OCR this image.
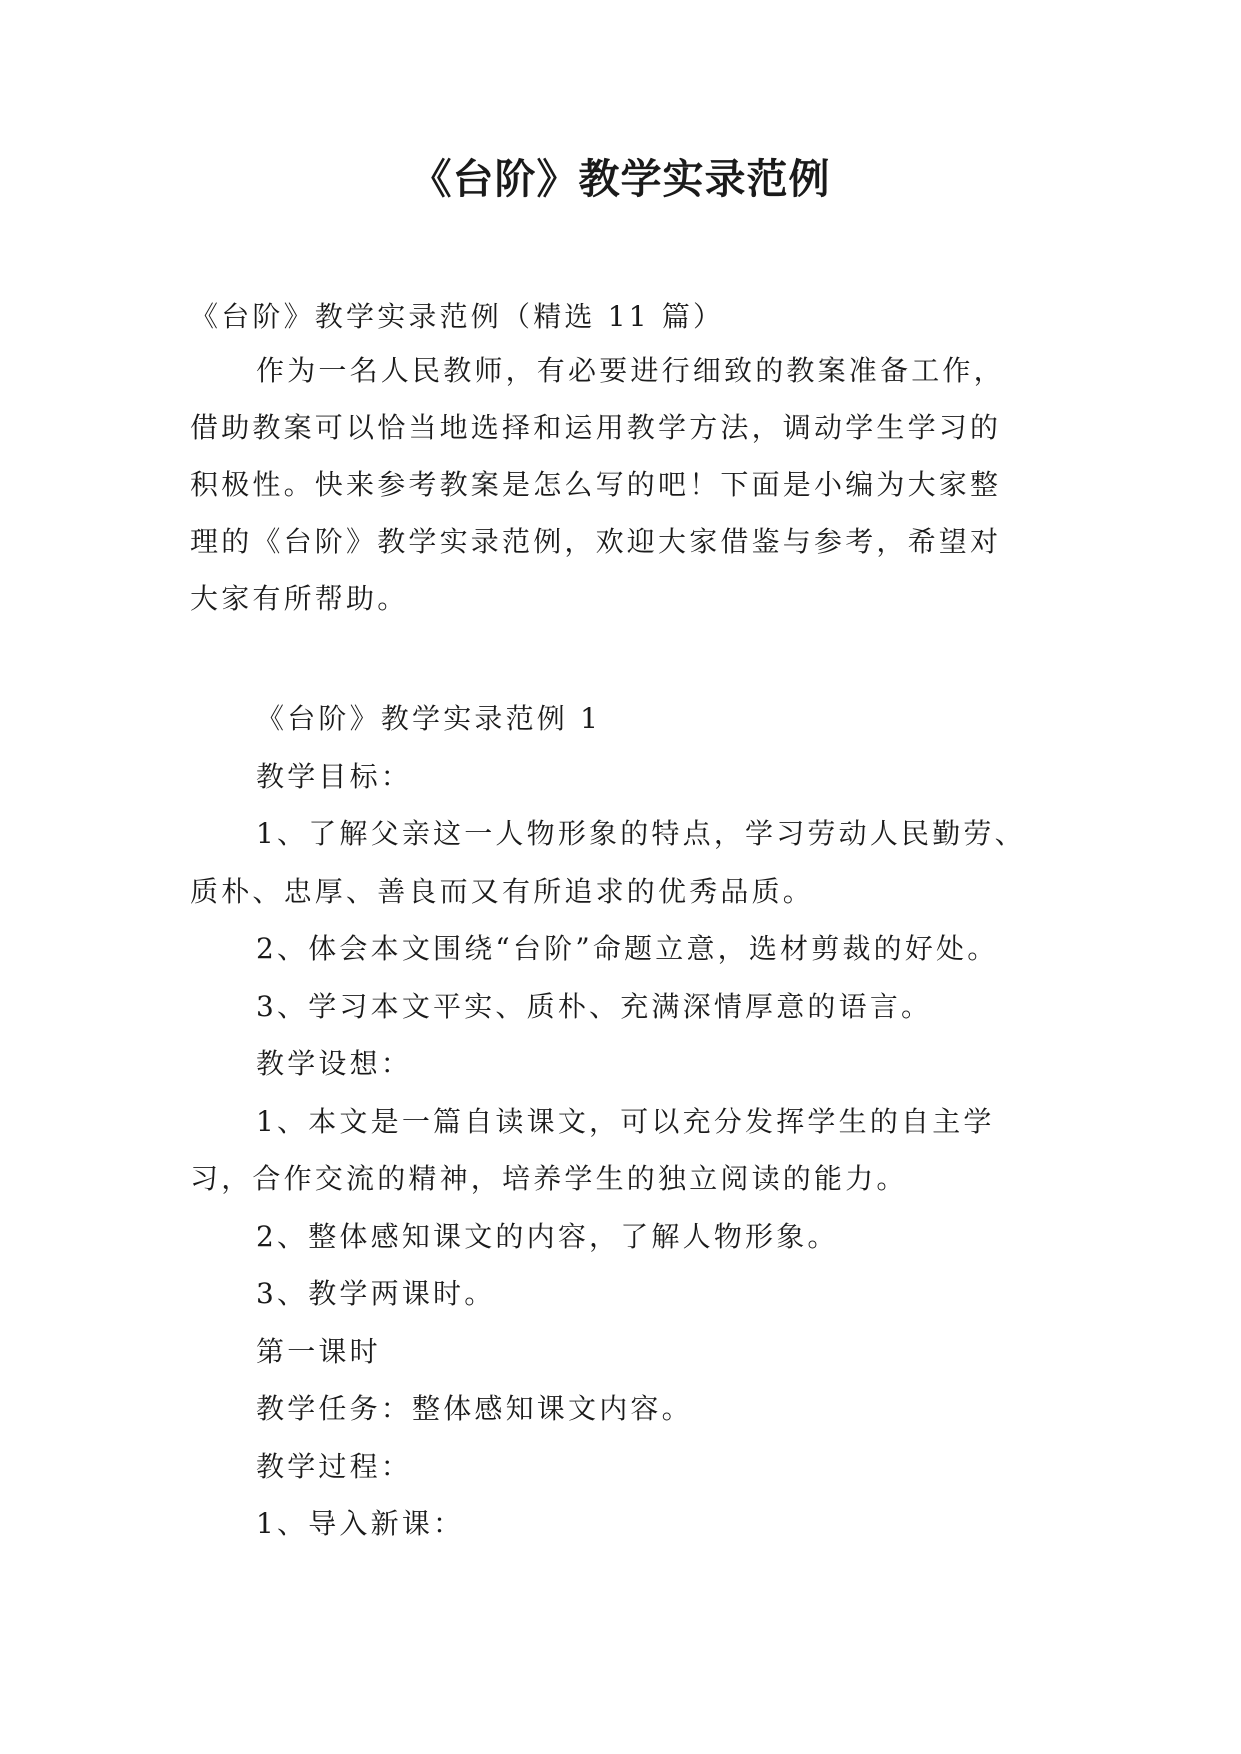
《台阶》教学实录范例
《台阶》教学实录范例（精选 11 篇）
作为一名人民教师，有必要进行细致的教案准备工作，
借助教案可以恰当地选择和运用教学方法，调动学生学习的
积极性。快来参考教案是怎么写的吧！下面是小编为大家整
理的《台阶》教学实录范例，欢迎大家借鉴与参考，希望对
大家有所帮助。
《台阶》教学实录范例 1
教学目标：
1、了解父亲这一人物形象的特点，学习劳动人民勤劳、
质朴、忠厚、善良而又有所追求的优秀品质。
2、体会本文围绕“台阶”命题立意，选材剪裁的好处。
3、学习本文平实、质朴、充满深情厚意的语言。
教学设想：
1、本文是一篇自读课文，可以充分发挥学生的自主学
习，合作交流的精神，培养学生的独立阅读的能力。
2、整体感知课文的内容，了解人物形象。
3、教学两课时。
第一课时
教学任务：整体感知课文内容。
教学过程：
1、导入新课：
